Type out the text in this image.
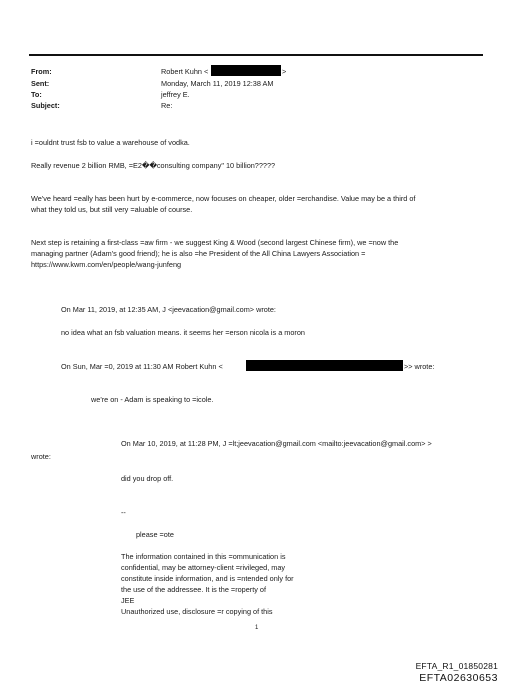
From:
Sent:
To:
Subject:
Robert Kuhn <	>
Monday, March 11, 2019 12:38 AM
jeffrey E.
Re:
i =ouldnt trust fsb to value a warehouse of vodka.
Really revenue 2 billion RMB, =E2��consulting company" 10 billion?????
We've heard =eally has been hurt by e-commerce, now focuses on cheaper, older =erchandise. Value may be a third of
what they told us, but still very =aluable of course.
Next step is retaining a first-class =aw firm - we suggest King & Wood (second largest Chinese firm), we =now the
managing partner (Adam's good friend); he is also =he President of the All China Lawyers Association =
https://www.kwm.com/en/people/wang-junfeng
On Mar 11, 2019, at 12:35 AM, J <jeevacation@gmail.com> wrote:
no idea what an fsb valuation means. it seems her =erson nicola is a moron
On Sun, Mar =0, 2019 at 11:30 AM Robert Kuhn <	>> wrote:
we're on - Adam is speaking to =icole.
On Mar 10, 2019, at 11:28 PM, J =lt;jeevacation@gmail.com <mailto:jeevacation@gmail.com> >
wrote:
did you drop off.
--
please =ote
The information contained in this =ommunication is
confidential, may be attorney-client =rivileged, may
constitute inside information, and is =ntended only for
the use of the addressee. It is the =roperty of
JEE
Unauthorized use, disclosure =r copying of this
1
EFTA_R1_01850281
EFTA02630653
